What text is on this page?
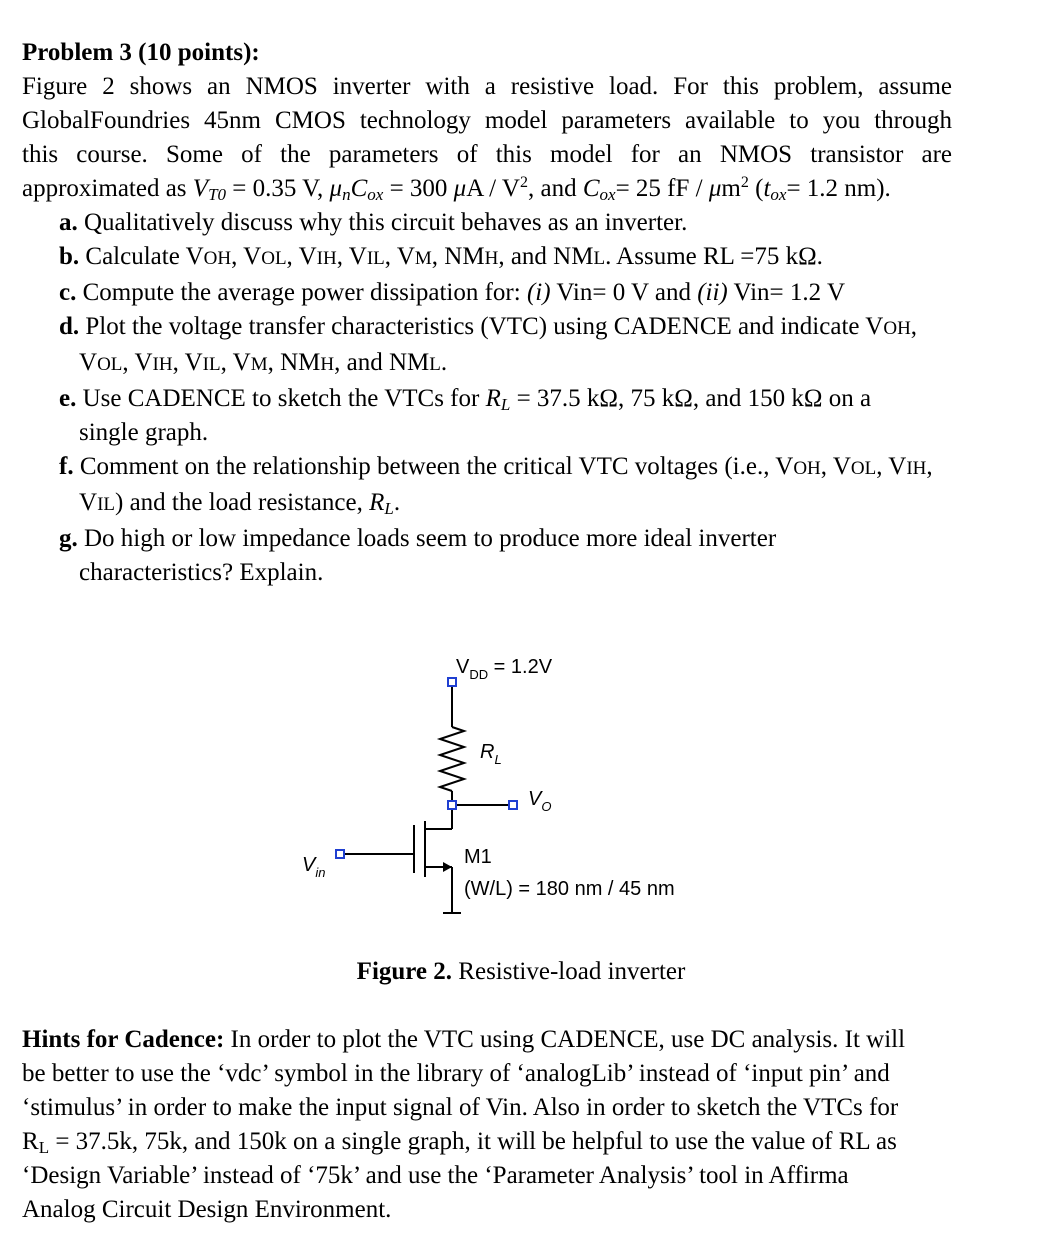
Problem 3 (10 points):

Figure 2 shows an NMOS inverter with a resistive load. For this problem, assume
GlobalFoundries 45nm CMOS technology model parameters available to you through
this course. Some of the parameters of this model for an NMOS transistor are
approximated as $V_{T0} = 0.35$ V, $\mu_nC_{ox} = 300$ μA / $V^2$, and $C_{ox}= 25$ fF / $\mu m^2$ ($t_{ox}= 1.2$ nm).

a. Qualitatively discuss why this circuit behaves as an inverter.
b. Calculate VOH, VOL, VIH, VIL, VM, NMH, and NML. Assume RL =75 kΩ.
c. Compute the average power dissipation for: (i) Vin= 0 V and (ii) Vin= 1.2 V
d. Plot the voltage transfer characteristics (VTC) using CADENCE and indicate VOH,
VOL, VIH, VIL, VM, NMH, and NML.
e. Use CADENCE to sketch the VTCs for $R_L = 37.5$ kΩ, 75 kΩ, and 150 kΩ on a
single graph.
f. Comment on the relationship between the critical VTC voltages (i.e., VOH, VOL, VIH,
VIL) and the load resistance, $R_L$.
g. Do high or low impedance loads seem to produce more ideal inverter
characteristics? Explain.
$V_{DD} = 1.2V$
$R_L$
$V_O$
$V_{in}$
M1
(W/L) = 180 nm / 45 nm

Figure 2. Resistive-load inverter

Hints for Cadence: In order to plot the VTC using CADENCE, use DC analysis. It will
be better to use the ‘vdc’ symbol in the library of ‘analogLib’ instead of ‘input pin’ and
‘stimulus’ in order to make the input signal of Vin. Also in order to sketch the VTCs for
$R_L = 37.5k$, 75k, and 150k on a single graph, it will be helpful to use the value of RL as
‘Design Variable’ instead of ‘75k’ and use the ‘Parameter Analysis’ tool in Affirma
Analog Circuit Design Environment.
